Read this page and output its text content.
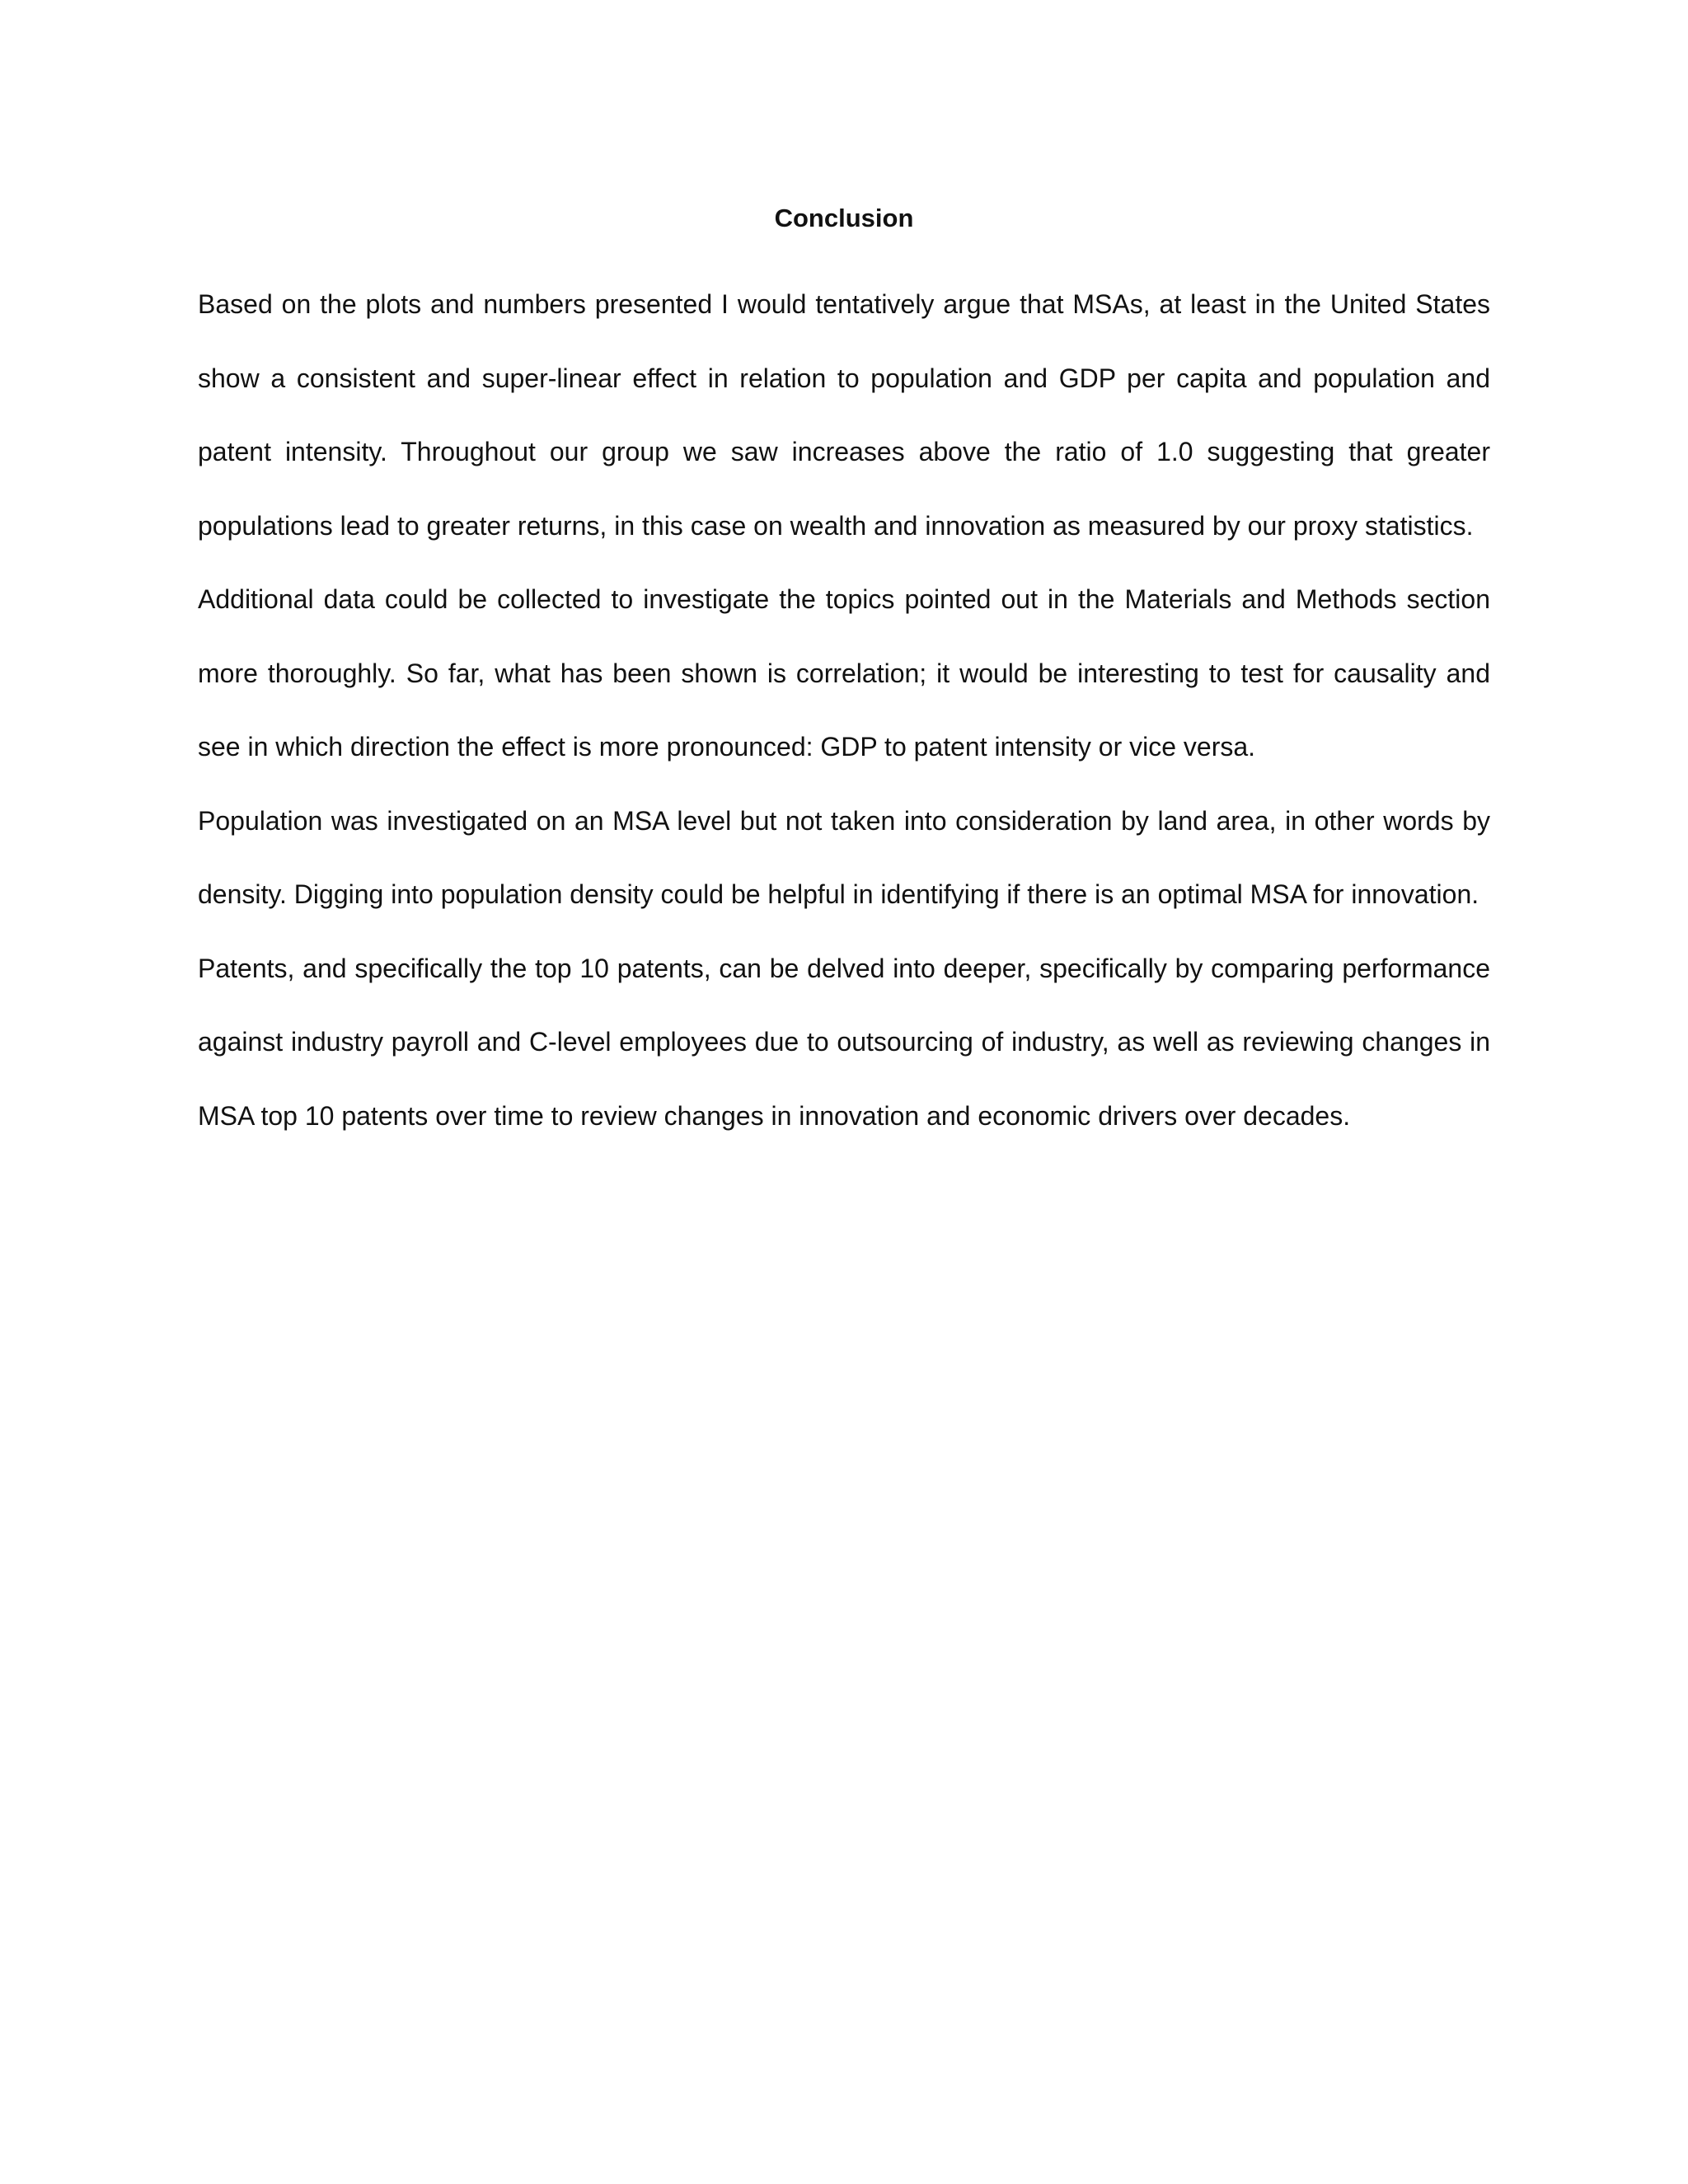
Conclusion

Based on the plots and numbers presented I would tentatively argue that MSAs, at least in the United States show a consistent and super-linear effect in relation to population and GDP per capita and population and patent intensity. Throughout our group we saw increases above the ratio of 1.0 suggesting that greater populations lead to greater returns, in this case on wealth and innovation as measured by our proxy statistics.

Additional data could be collected to investigate the topics pointed out in the Materials and Methods section more thoroughly. So far, what has been shown is correlation; it would be interesting to test for causality and see in which direction the effect is more pronounced: GDP to patent intensity or vice versa.

Population was investigated on an MSA level but not taken into consideration by land area, in other words by density. Digging into population density could be helpful in identifying if there is an optimal MSA for innovation.

Patents, and specifically the top 10 patents, can be delved into deeper, specifically by comparing performance against industry payroll and C-level employees due to outsourcing of industry, as well as reviewing changes in MSA top 10 patents over time to review changes in innovation and economic drivers over decades.
